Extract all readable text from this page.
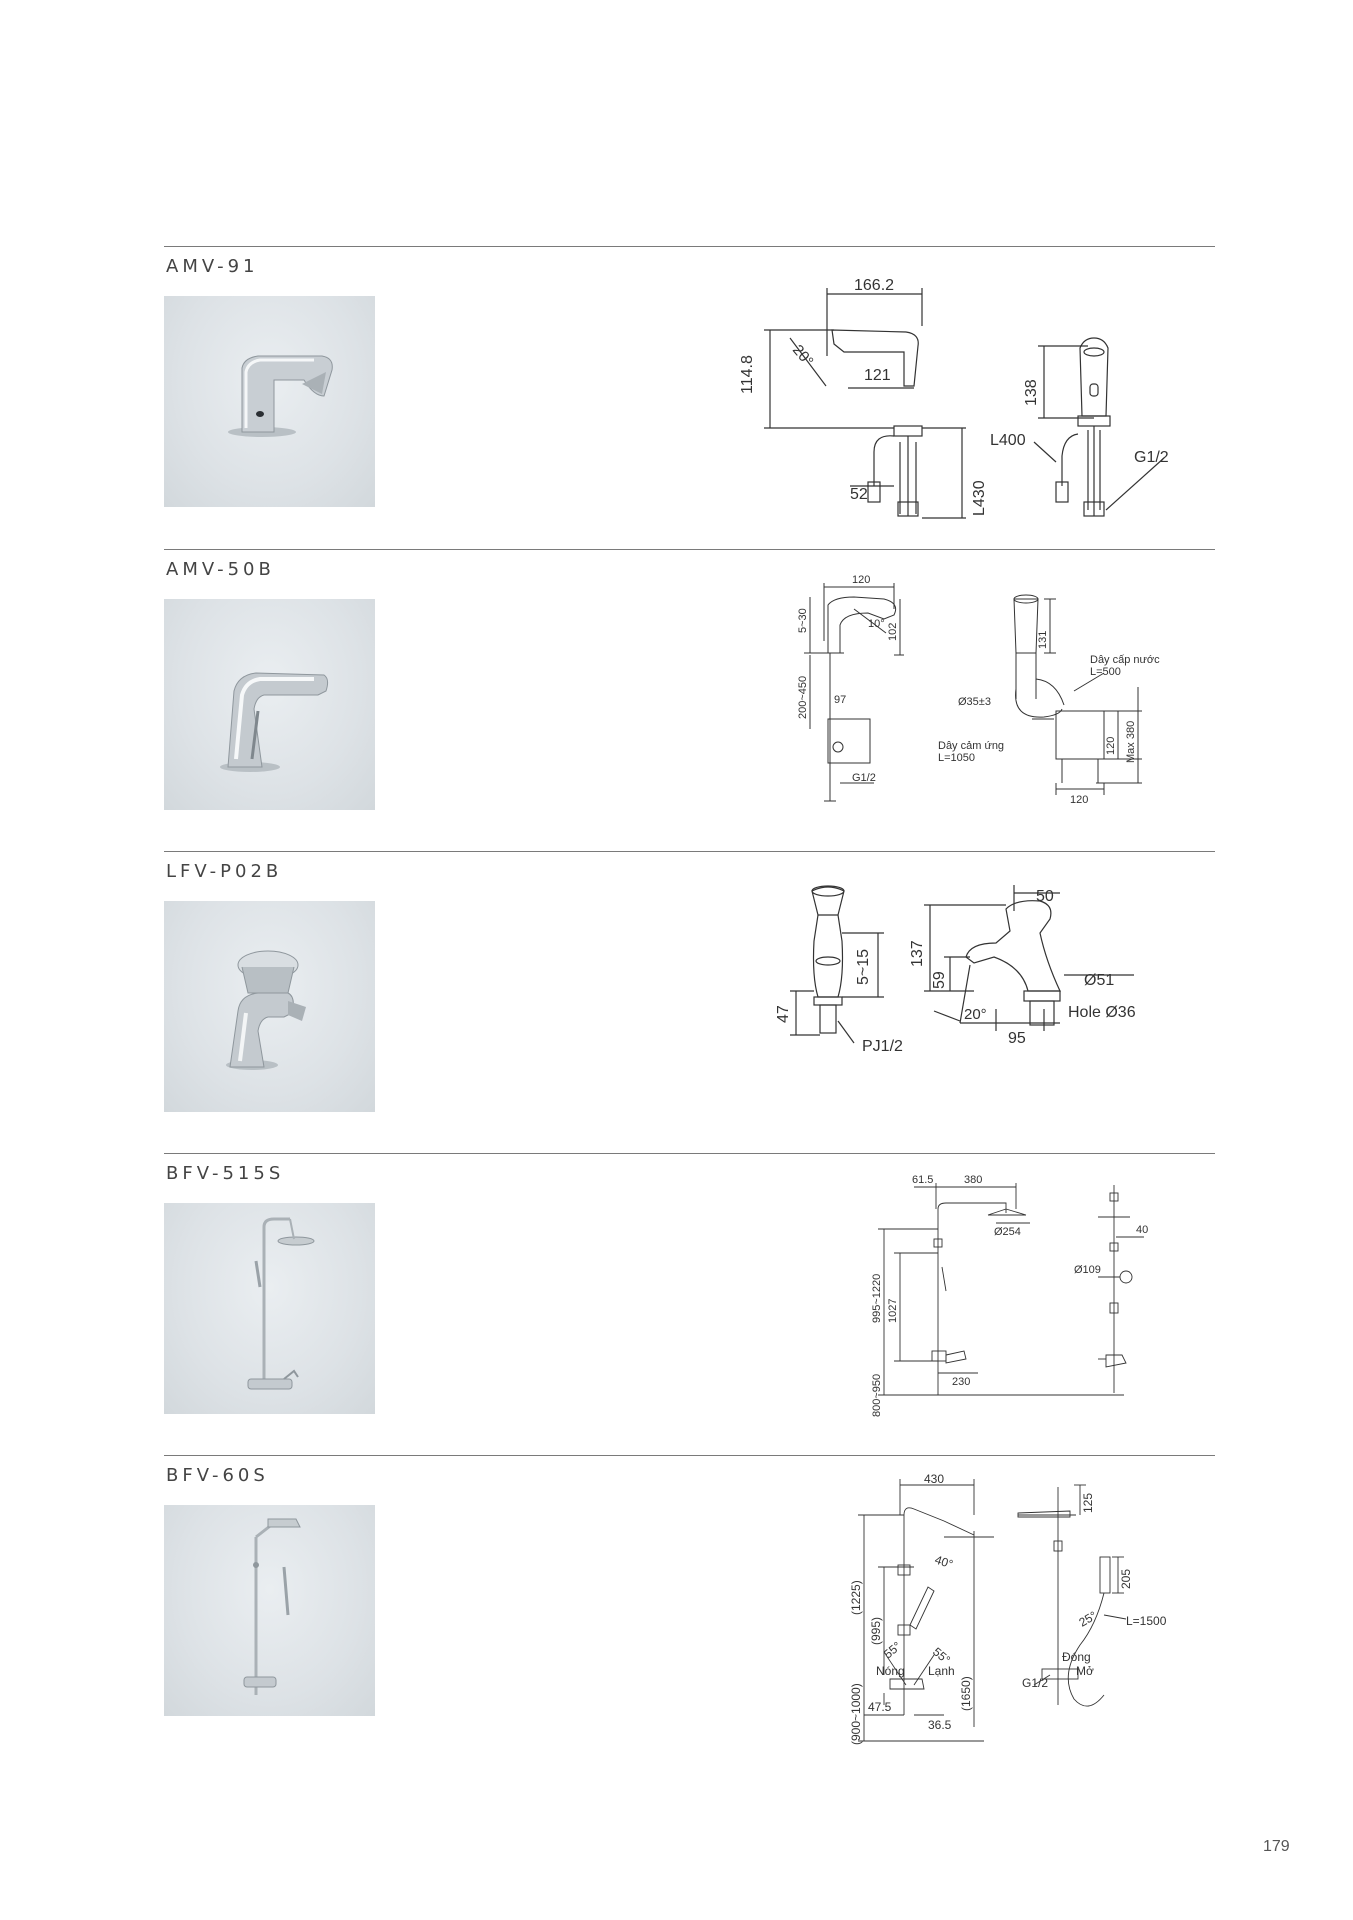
AMV-91
166.2
114.8 20°
121
52	L430
138
L400
G1/2
AMV-50B	120
5~30	10° 102
200~450 97
G1/2
131
Dây cấp nước
L=500
Ø35±3
Dây cảm ứng
L=1050
120 Max 380
120
LFV-P02B
5~15
47
PJ1/2
50
137
59	Ø51
20°	Hole Ø36
95
BFV-515S	61.5	380
Ø254
995~1220 1027
800~950	230
40
Ø109
BFV-60S	430
40°
(1225)
(995)
55° 55°
Nóng Lạnh
(1650)
(900~1000) 47.5
36.5
125
205
25° L=1500
Đóng
Mở
G1/2
179
